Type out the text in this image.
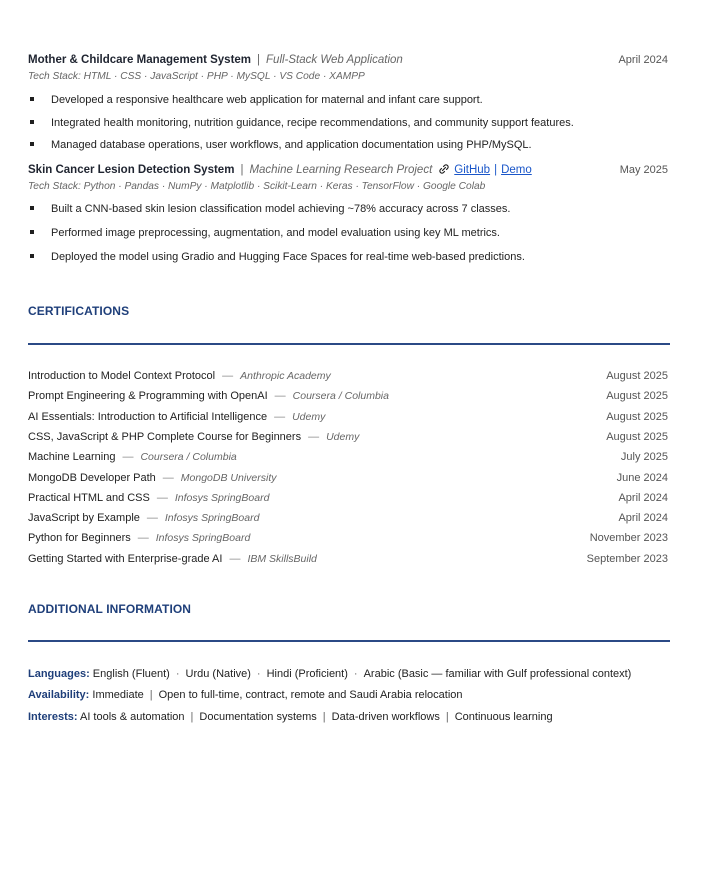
Mother & Childcare Management System | Full-Stack Web Application	April 2024
Tech Stack: HTML · CSS · JavaScript · PHP · MySQL · VS Code · XAMPP
Developed a responsive healthcare web application for maternal and infant care support.
Integrated health monitoring, nutrition guidance, recipe recommendations, and community support features.
Managed database operations, user workflows, and application documentation using PHP/MySQL.
Skin Cancer Lesion Detection System | Machine Learning Research Project	GitHub | Demo	May 2025
Tech Stack: Python · Pandas · NumPy · Matplotlib · Scikit-Learn · Keras · TensorFlow · Google Colab
Built a CNN-based skin lesion classification model achieving ~78% accuracy across 7 classes.
Performed image preprocessing, augmentation, and model evaluation using key ML metrics.
Deployed the model using Gradio and Hugging Face Spaces for real-time web-based predictions.
CERTIFICATIONS
Introduction to Model Context Protocol — Anthropic Academy	August 2025
Prompt Engineering & Programming with OpenAI — Coursera / Columbia	August 2025
AI Essentials: Introduction to Artificial Intelligence — Udemy	August 2025
CSS, JavaScript & PHP Complete Course for Beginners — Udemy	August 2025
Machine Learning — Coursera / Columbia	July 2025
MongoDB Developer Path — MongoDB University	June 2024
Practical HTML and CSS — Infosys SpringBoard	April 2024
JavaScript by Example — Infosys SpringBoard	April 2024
Python for Beginners — Infosys SpringBoard	November 2023
Getting Started with Enterprise-grade AI — IBM SkillsBuild	September 2023
ADDITIONAL INFORMATION
Languages: English (Fluent) · Urdu (Native) · Hindi (Proficient) · Arabic (Basic — familiar with Gulf professional context)
Availability: Immediate | Open to full-time, contract, remote and Saudi Arabia relocation
Interests: AI tools & automation | Documentation systems | Data-driven workflows | Continuous learning
